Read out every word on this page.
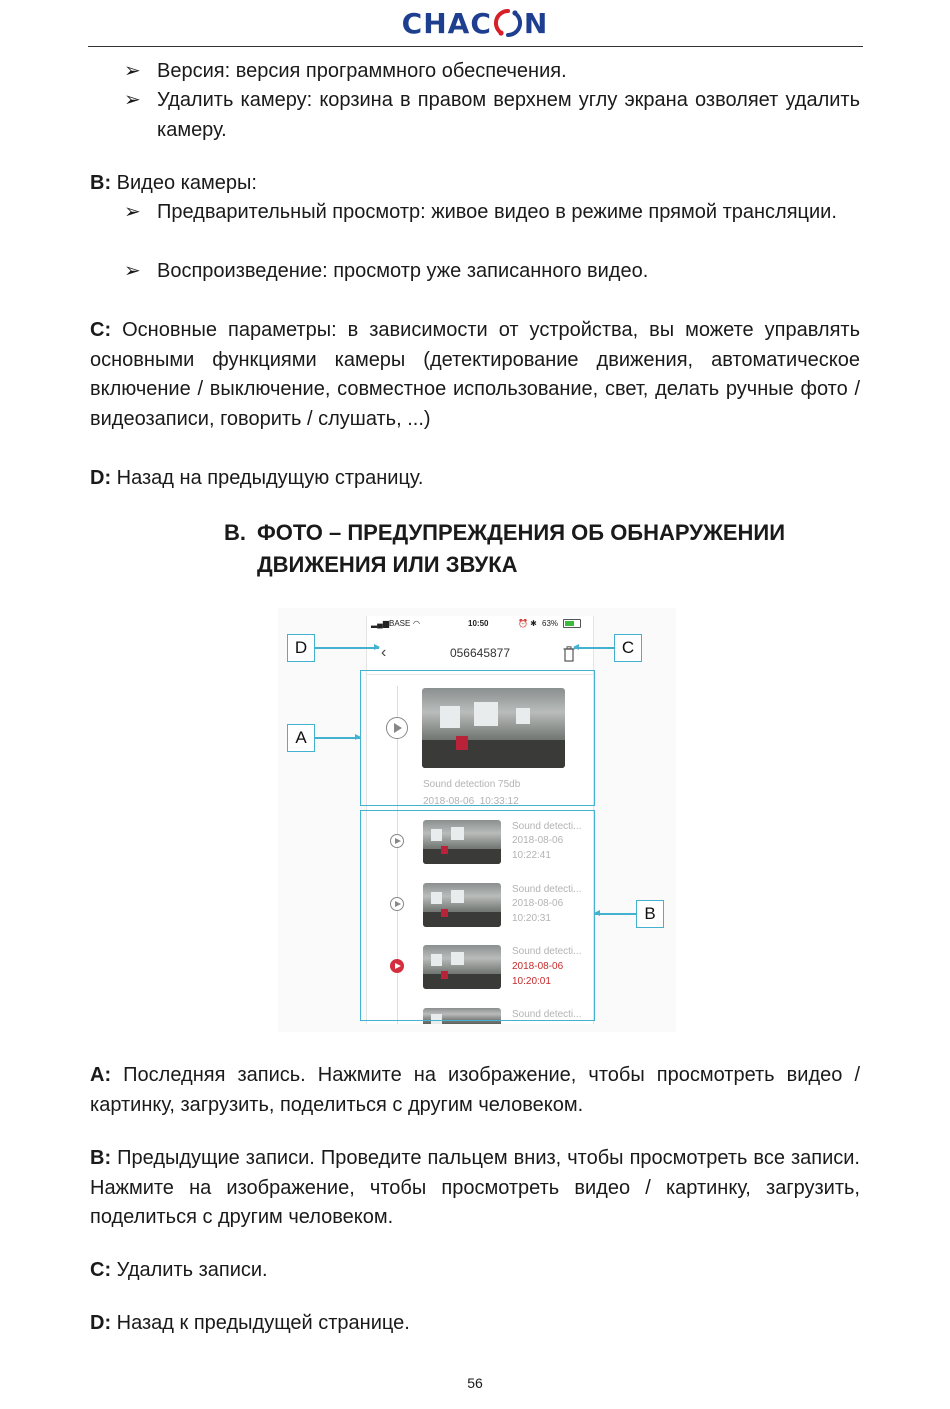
CHAC N
➢ Версия: версия программного обеспечения.
➢ Удалить камеру: корзина в правом верхнем углу экрана озволяет удалить камеру.
B: Видео камеры:
➢ Предварительный просмотр: живое видео в режиме прямой трансляции.
➢ Воспроизведение: просмотр уже записанного видео.
C: Основные параметры: в зависимости от устройства, вы можете управлять основными функциями камеры (детектирование движения, автоматическое включение / выключение, совместное использование, свет, делать ручные фото / видеозаписи, говорить / слушать, ...)
D: Назад на предыдущую страницу.
B. ФОТО – ПРЕДУПРЕЖДЕНИЯ ОБ ОБНАРУЖЕНИИ ДВИЖЕНИЯ ИЛИ ЗВУКА
▂▄▆ BASE ◠	10:50	⏰ ✱ 63%
‹	056645877
Sound detection 75db
2018-08-06 10:33:12
Sound detecti...
2018-08-06
10:22:41
Sound detecti...
2018-08-06
10:20:31
Sound detecti...
2018-08-06
10:20:01
Sound detecti...
D	C
A
B
A: Последняя запись. Нажмите на изображение, чтобы просмотреть видео / картинку, загрузить, поделиться с другим человеком.
B: Предыдущие записи. Проведите пальцем вниз, чтобы просмотреть все записи. Нажмите на изображение, чтобы просмотреть видео / картинку, загрузить, поделиться с другим человеком.
C: Удалить записи.
D: Назад к предыдущей странице.
56
